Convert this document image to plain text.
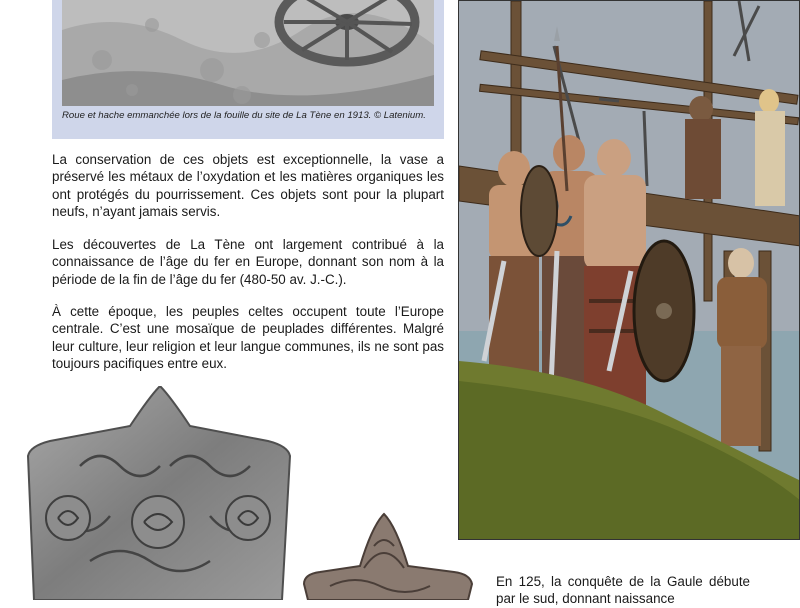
Roue et hache emmanchée lors de la fouille du site de La Tène en 1913. © Latenium.

La conservation de ces objets est exceptionnelle, la vase a préservé les métaux de l’oxydation et les matières organiques les ont protégés du pourrissement. Ces objets sont pour la plupart neufs, n’ayant jamais servis.

Les découvertes de La Tène ont largement contribué à la connaissance de l’âge du fer en Europe, donnant son nom à la période de la fin de l’âge du fer (480-50 av. J.-C.).

À cette époque, les peuples celtes occupent toute l’Europe centrale. C’est une mosaïque de peuplades différentes. Malgré leur culture, leur religion et leur langue communes, ils ne sont pas toujours pacifiques entre eux.

En 125, la conquête de la Gaule débute par le sud, donnant naissance
